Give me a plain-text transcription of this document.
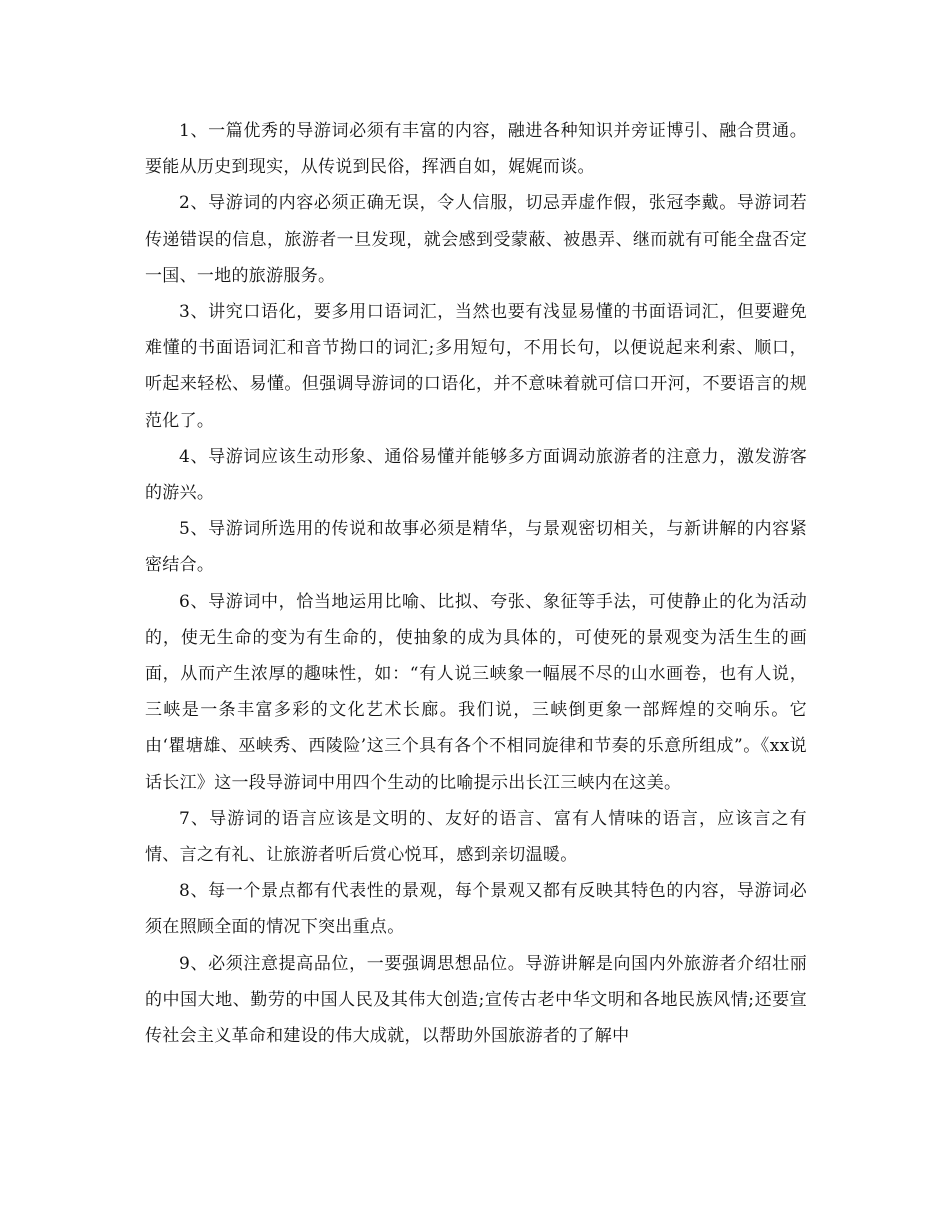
1、一篇优秀的导游词必须有丰富的内容，融进各种知识并旁证博引、融合贯通。要能从历史到现实，从传说到民俗，挥洒自如，娓娓而谈。

2、导游词的内容必须正确无误，令人信服，切忌弄虚作假，张冠李戴。导游词若传递错误的信息，旅游者一旦发现，就会感到受蒙蔽、被愚弄、继而就有可能全盘否定一国、一地的旅游服务。

3、讲究口语化，要多用口语词汇，当然也要有浅显易懂的书面语词汇，但要避免难懂的书面语词汇和音节拗口的词汇;多用短句，不用长句，以便说起来利索、顺口，听起来轻松、易懂。但强调导游词的口语化，并不意味着就可信口开河，不要语言的规范化了。

4、导游词应该生动形象、通俗易懂并能够多方面调动旅游者的注意力，激发游客的游兴。

5、导游词所选用的传说和故事必须是精华，与景观密切相关，与新讲解的内容紧密结合。

6、导游词中，恰当地运用比喻、比拟、夸张、象征等手法，可使静止的化为活动的，使无生命的变为有生命的，使抽象的成为具体的，可使死的景观变为活生生的画面，从而产生浓厚的趣味性，如：“有人说三峡象一幅展不尽的山水画卷，也有人说，三峡是一条丰富多彩的文化艺术长廊。我们说，三峡倒更象一部辉煌的交响乐。它由‘瞿塘雄、巫峡秀、西陵险’这三个具有各个不相同旋律和节奏的乐意所组成”。《xx说话长江》这一段导游词中用四个生动的比喻提示出长江三峡内在这美。

7、导游词的语言应该是文明的、友好的语言、富有人情味的语言，应该言之有情、言之有礼、让旅游者听后赏心悦耳，感到亲切温暖。

8、每一个景点都有代表性的景观，每个景观又都有反映其特色的内容，导游词必须在照顾全面的情况下突出重点。

9、必须注意提高品位，一要强调思想品位。导游讲解是向国内外旅游者介绍壮丽的中国大地、勤劳的中国人民及其伟大创造;宣传古老中华文明和各地民族风情;还要宣传社会主义革命和建设的伟大成就，以帮助外国旅游者的了解中
